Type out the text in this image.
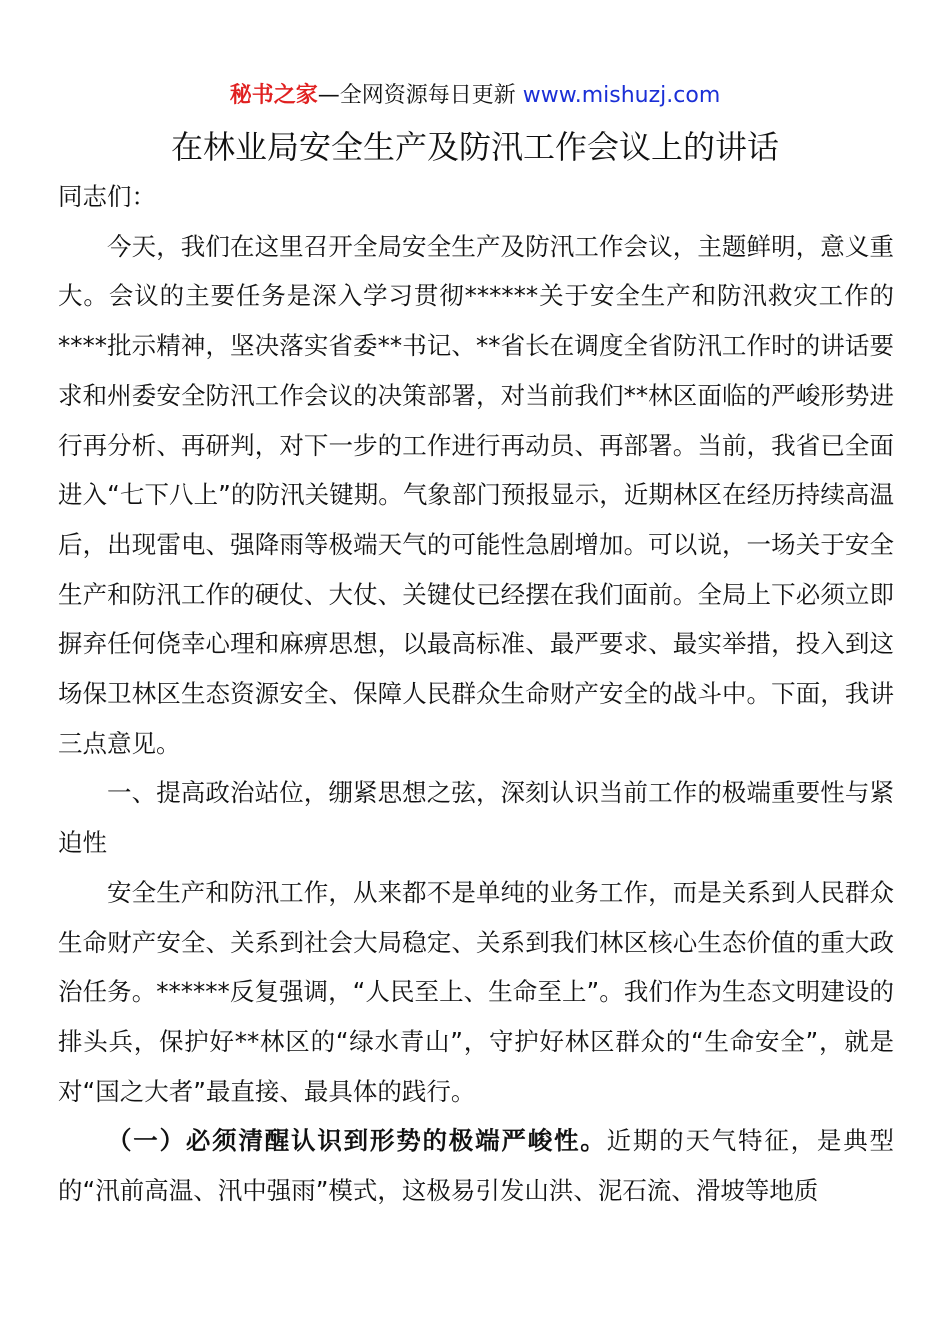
秘书之家—全网资源每日更新 www.mishuzj.com
在林业局安全生产及防汛工作会议上的讲话

同志们：

今天，我们在这里召开全局安全生产及防汛工作会议，主题鲜明，意义重大。会议的主要任务是深入学习贯彻******关于安全生产和防汛救灾工作的****批示精神，坚决落实省委**书记、**省长在调度全省防汛工作时的讲话要求和州委安全防汛工作会议的决策部署，对当前我们**林区面临的严峻形势进行再分析、再研判，对下一步的工作进行再动员、再部署。当前，我省已全面进入“七下八上”的防汛关键期。气象部门预报显示，近期林区在经历持续高温后，出现雷电、强降雨等极端天气的可能性急剧增加。可以说，一场关于安全生产和防汛工作的硬仗、大仗、关键仗已经摆在我们面前。全局上下必须立即摒弃任何侥幸心理和麻痹思想，以最高标准、最严要求、最实举措，投入到这场保卫林区生态资源安全、保障人民群众生命财产安全的战斗中。下面，我讲三点意见。

一、提高政治站位，绷紧思想之弦，深刻认识当前工作的极端重要性与紧迫性

安全生产和防汛工作，从来都不是单纯的业务工作，而是关系到人民群众生命财产安全、关系到社会大局稳定、关系到我们林区核心生态价值的重大政治任务。******反复强调，“人民至上、生命至上”。我们作为生态文明建设的排头兵，保护好**林区的“绿水青山”，守护好林区群众的“生命安全”，就是对“国之大者”最直接、最具体的践行。

（一）必须清醒认识到形势的极端严峻性。近期的天气特征，是典型的“汛前高温、汛中强雨”模式，这极易引发山洪、泥石流、滑坡等地质
